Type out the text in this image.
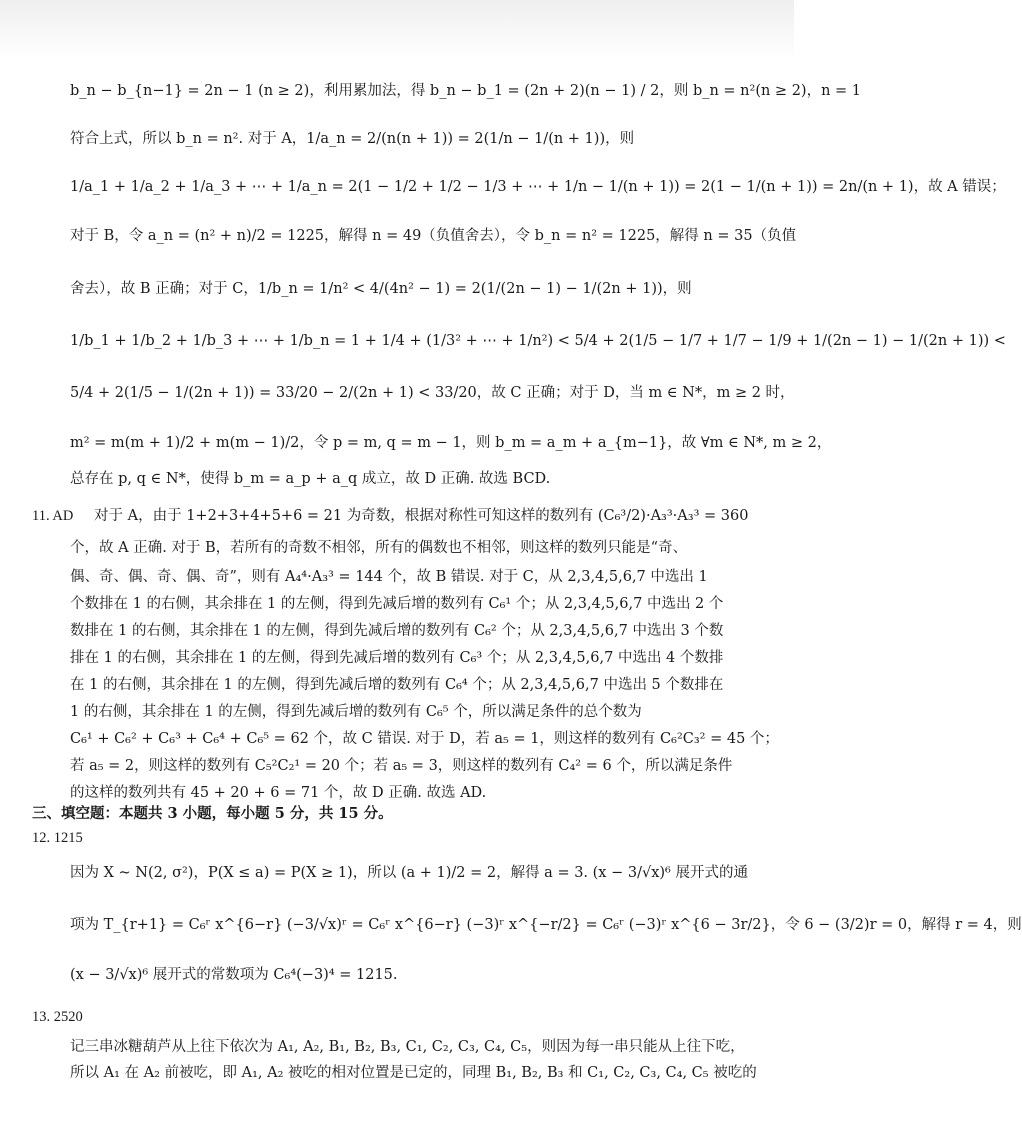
b_n − b_{n−1} = 2n − 1 (n ≥ 2)，利用累加法，得 b_n − b_1 = (2n + 2)(n − 1) / 2，则 b_n = n²(n ≥ 2)，n = 1
符合上式，所以 b_n = n². 对于 A，1/a_n = 2/(n(n + 1)) = 2(1/n − 1/(n + 1))，则
1/a_1 + 1/a_2 + 1/a_3 + ⋯ + 1/a_n = 2(1 − 1/2 + 1/2 − 1/3 + ⋯ + 1/n − 1/(n + 1)) = 2(1 − 1/(n + 1)) = 2n/(n + 1)，故 A 错误；
对于 B，令 a_n = (n² + n)/2 = 1225，解得 n = 49（负值舍去），令 b_n = n² = 1225，解得 n = 35（负值
舍去），故 B 正确；对于 C，1/b_n = 1/n² < 4/(4n² − 1) = 2(1/(2n − 1) − 1/(2n + 1))，则
1/b_1 + 1/b_2 + 1/b_3 + ⋯ + 1/b_n = 1 + 1/4 + (1/3² + ⋯ + 1/n²) < 5/4 + 2(1/5 − 1/7 + 1/7 − 1/9 + 1/(2n − 1) − 1/(2n + 1)) <
5/4 + 2(1/5 − 1/(2n + 1)) = 33/20 − 2/(2n + 1) < 33/20，故 C 正确；对于 D，当 m ∈ N*，m ≥ 2 时，
m² = m(m + 1)/2 + m(m − 1)/2，令 p = m, q = m − 1，则 b_m = a_m + a_{m−1}，故 ∀m ∈ N*, m ≥ 2，
总存在 p, q ∈ N*，使得 b_m = a_p + a_q 成立，故 D 正确. 故选 BCD.
11. AD 对于 A，由于 1+2+3+4+5+6 = 21 为奇数，根据对称性可知这样的数列有 (C₆³/2)·A₃³·A₃³ = 360
个，故 A 正确. 对于 B，若所有的奇数不相邻，所有的偶数也不相邻，则这样的数列只能是“奇、
偶、奇、偶、奇、偶、奇”，则有 A₄⁴·A₃³ = 144 个，故 B 错误. 对于 C，从 2,3,4,5,6,7 中选出 1
个数排在 1 的右侧，其余排在 1 的左侧，得到先减后增的数列有 C₆¹ 个；从 2,3,4,5,6,7 中选出 2 个
数排在 1 的右侧，其余排在 1 的左侧，得到先减后增的数列有 C₆² 个；从 2,3,4,5,6,7 中选出 3 个数
排在 1 的右侧，其余排在 1 的左侧，得到先减后增的数列有 C₆³ 个；从 2,3,4,5,6,7 中选出 4 个数排
在 1 的右侧，其余排在 1 的左侧，得到先减后增的数列有 C₆⁴ 个；从 2,3,4,5,6,7 中选出 5 个数排在
1 的右侧，其余排在 1 的左侧，得到先减后增的数列有 C₆⁵ 个，所以满足条件的总个数为
C₆¹ + C₆² + C₆³ + C₆⁴ + C₆⁵ = 62 个，故 C 错误. 对于 D，若 a₅ = 1，则这样的数列有 C₆²C₃² = 45 个；
若 a₅ = 2，则这样的数列有 C₅²C₂¹ = 20 个；若 a₅ = 3，则这样的数列有 C₄² = 6 个，所以满足条件
的这样的数列共有 45 + 20 + 6 = 71 个，故 D 正确. 故选 AD.
三、填空题：本题共 3 小题，每小题 5 分，共 15 分。
12. 1215
因为 X ~ N(2, σ²)，P(X ≤ a) = P(X ≥ 1)，所以 (a + 1)/2 = 2，解得 a = 3. (x − 3/√x)⁶ 展开式的通
项为 T_{r+1} = C₆ʳ x^{6−r} (−3/√x)ʳ = C₆ʳ x^{6−r} (−3)ʳ x^{−r/2} = C₆ʳ (−3)ʳ x^{6 − 3r/2}，令 6 − (3/2)r = 0，解得 r = 4，则
(x − 3/√x)⁶ 展开式的常数项为 C₆⁴(−3)⁴ = 1215.
13. 2520
记三串冰糖葫芦从上往下依次为 A₁, A₂, B₁, B₂, B₃, C₁, C₂, C₃, C₄, C₅，则因为每一串只能从上往下吃，
所以 A₁ 在 A₂ 前被吃，即 A₁, A₂ 被吃的相对位置是已定的，同理 B₁, B₂, B₃ 和 C₁, C₂, C₃, C₄, C₅ 被吃的
